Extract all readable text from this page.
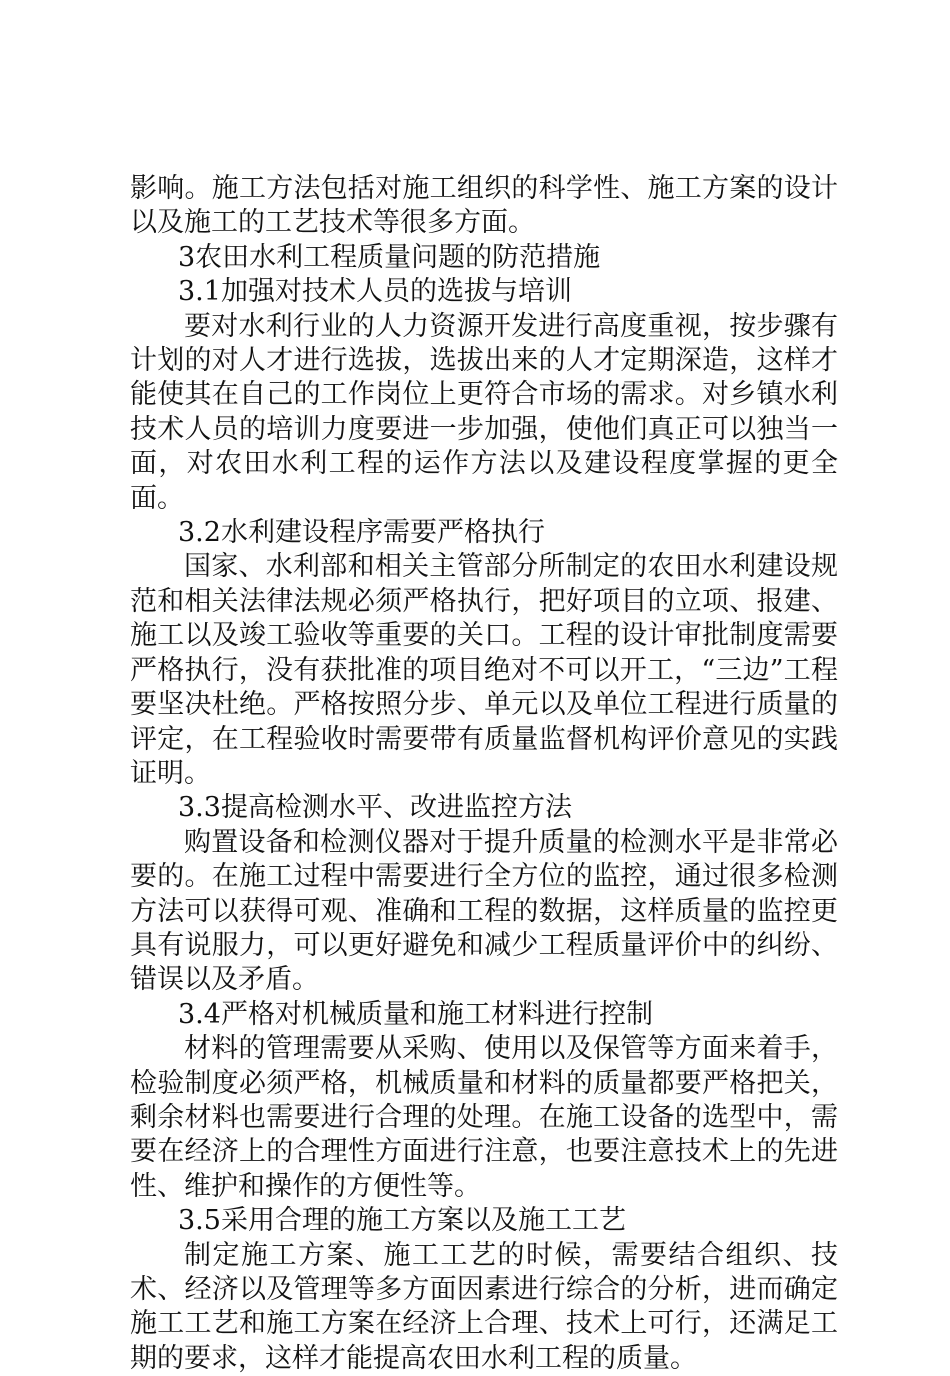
影响。施工方法包括对施工组织的科学性、施工方案的设计以及施工的工艺技术等很多方面。

3农田水利工程质量问题的防范措施

3.1加强对技术人员的选拔与培训

要对水利行业的人力资源开发进行高度重视，按步骤有计划的对人才进行选拔，选拔出来的人才定期深造，这样才能使其在自己的工作岗位上更符合市场的需求。对乡镇水利技术人员的培训力度要进一步加强，使他们真正可以独当一面，对农田水利工程的运作方法以及建设程度掌握的更全面。

3.2水利建设程序需要严格执行

国家、水利部和相关主管部分所制定的农田水利建设规范和相关法律法规必须严格执行，把好项目的立项、报建、施工以及竣工验收等重要的关口。工程的设计审批制度需要严格执行，没有获批准的项目绝对不可以开工，“三边”工程要坚决杜绝。严格按照分步、单元以及单位工程进行质量的评定，在工程验收时需要带有质量监督机构评价意见的实践证明。

3.3提高检测水平、改进监控方法

购置设备和检测仪器对于提升质量的检测水平是非常必要的。在施工过程中需要进行全方位的监控，通过很多检测方法可以获得可观、准确和工程的数据，这样质量的监控更具有说服力，可以更好避免和减少工程质量评价中的纠纷、错误以及矛盾。

3.4严格对机械质量和施工材料进行控制

材料的管理需要从采购、使用以及保管等方面来着手，检验制度必须严格，机械质量和材料的质量都要严格把关，剩余材料也需要进行合理的处理。在施工设备的选型中，需要在经济上的合理性方面进行注意，也要注意技术上的先进性、维护和操作的方便性等。

3.5采用合理的施工方案以及施工工艺

制定施工方案、施工工艺的时候，需要结合组织、技术、经济以及管理等多方面因素进行综合的分析，进而确定施工工艺和施工方案在经济上合理、技术上可行，还满足工期的要求，这样才能提高农田水利工程的质量。
